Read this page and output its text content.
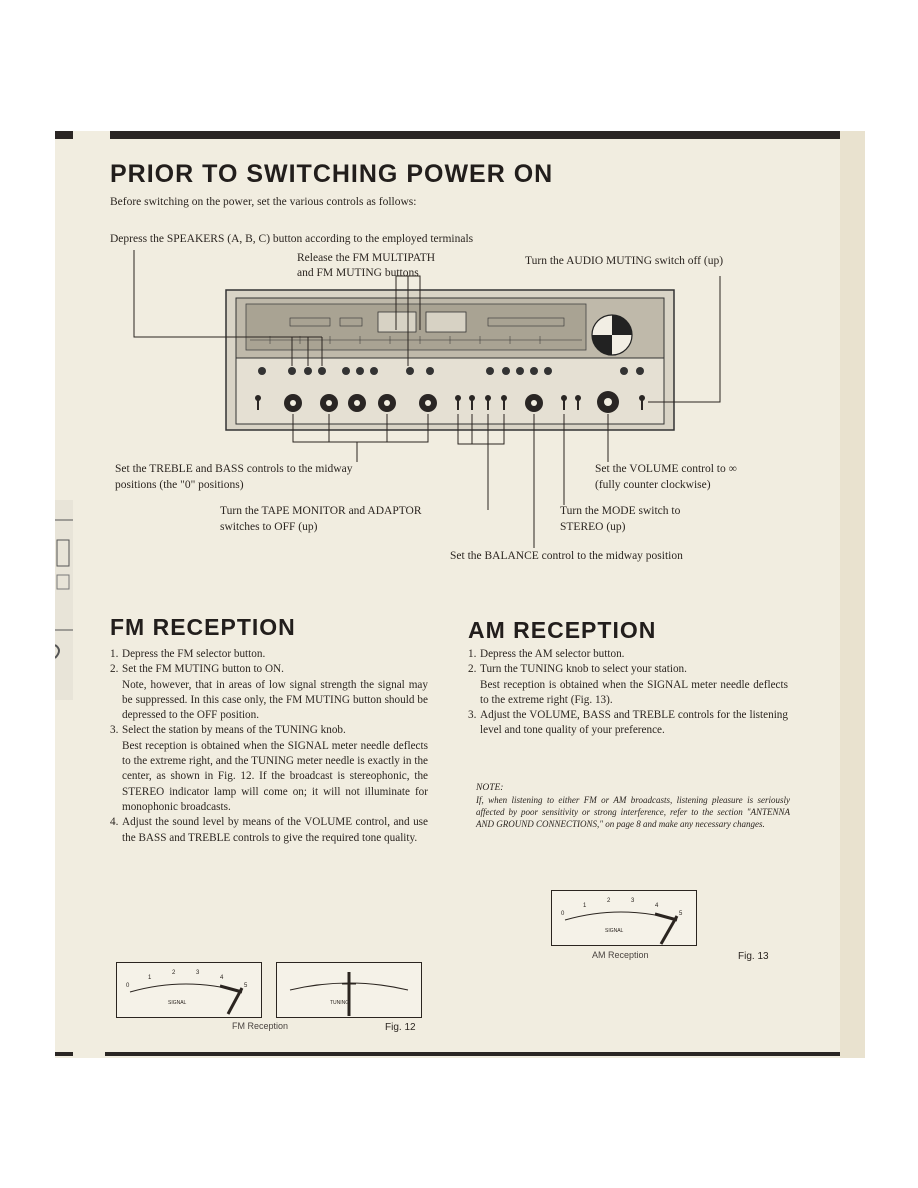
PRIOR TO SWITCHING POWER ON
Before switching on the power, set the various controls as follows:
Depress the SPEAKERS (A, B, C) button according to the employed terminals
Release the FM MULTIPATH
and FM MUTING buttons
Turn the AUDIO MUTING switch off (up)
Set the TREBLE and BASS controls to the midway
positions (the "0" positions)
Set the VOLUME control to ∞
(fully counter clockwise)
Turn the TAPE MONITOR and ADAPTOR
switches to OFF (up)
Turn the MODE switch to
STEREO (up)
Set the BALANCE control to the midway position
FM RECEPTION
1. Depress the FM selector button.
2. Set the FM MUTING button to ON.
Note, however, that in areas of low signal strength the signal may be suppressed. In this case only, the FM MUTING button should be depressed to the OFF position.
3. Select the station by means of the TUNING knob.
Best reception is obtained when the SIGNAL meter needle deflects to the extreme right, and the TUNING meter needle is exactly in the center, as shown in Fig. 12. If the broadcast is stereophonic, the STEREO indicator lamp will come on; it will not illuminate for monophonic broadcasts.
4. Adjust the sound level by means of the VOLUME control, and use the BASS and TREBLE controls to give the required tone quality.
0
1
2	3
4
5
SIGNAL	TUNING
FM Reception	Fig. 12
AM RECEPTION
1. Depress the AM selector button.
2. Turn the TUNING knob to select your station.
Best reception is obtained when the SIGNAL meter needle deflects to the extreme right (Fig. 13).
3. Adjust the VOLUME, BASS and TREBLE controls for the listening level and tone quality of your preference.
NOTE:
If, when listening to either FM or AM broadcasts, listening pleasure is seriously affected by poor sensitivity or strong interference, refer to the section "ANTENNA AND GROUND CONNECTIONS," on page 8 and make any necessary changes.
0
1
2	3
4
5
SIGNAL
AM Reception	Fig. 13
